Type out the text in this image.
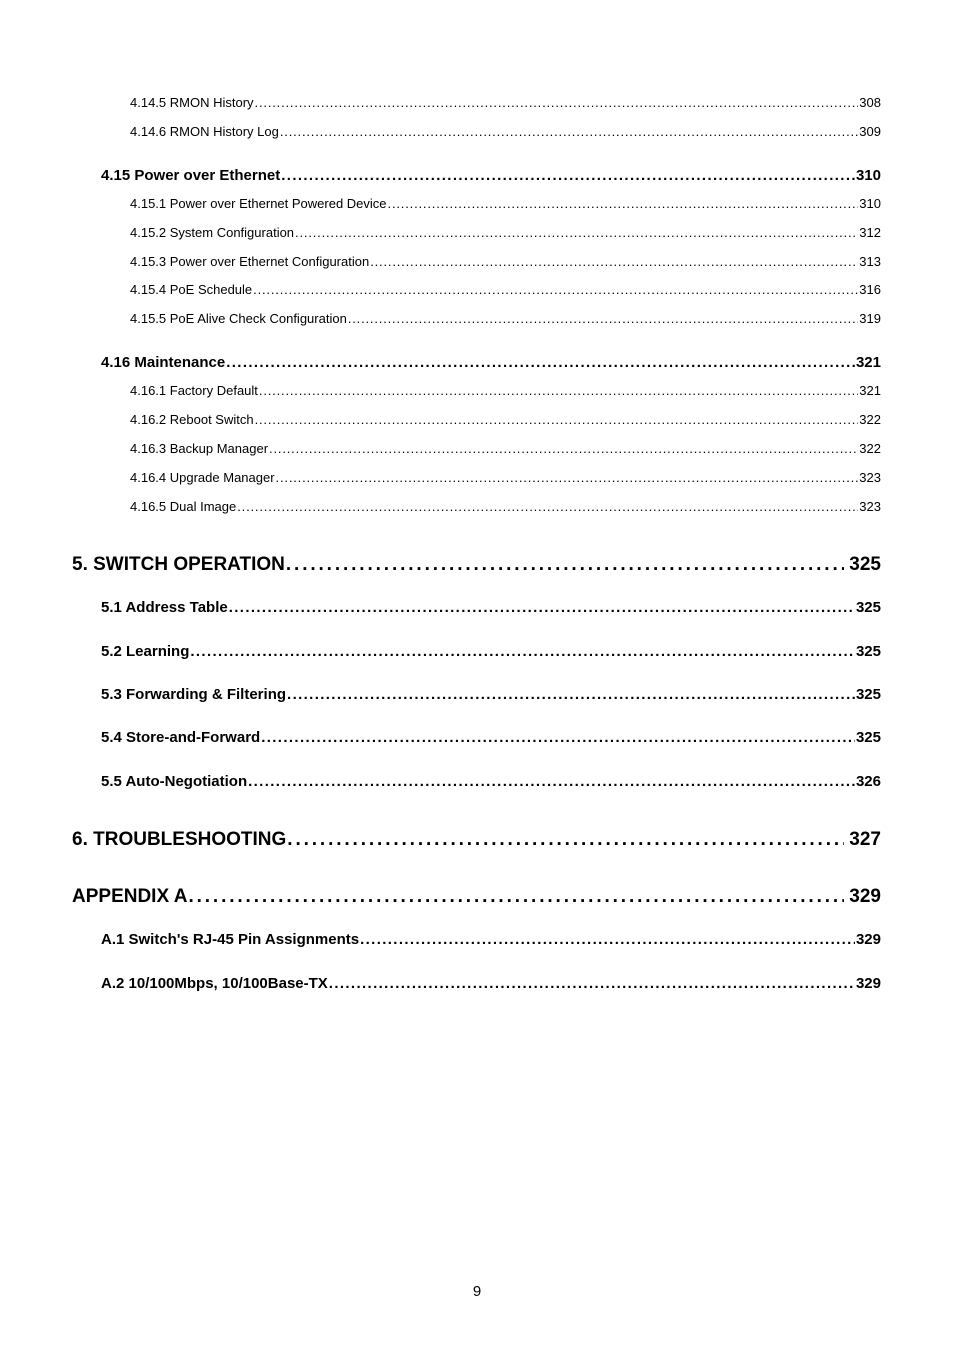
4.14.5 RMON History . . .	308
4.14.6 RMON History Log . . .	309
4.15 Power over Ethernet . . .	310
4.15.1 Power over Ethernet Powered Device . . .	310
4.15.2 System Configuration . . .	312
4.15.3 Power over Ethernet Configuration . . .	313
4.15.4 PoE Schedule . . .	316
4.15.5 PoE Alive Check Configuration . . .	319
4.16 Maintenance . . .	321
4.16.1 Factory Default . . .	321
4.16.2 Reboot Switch . . .	322
4.16.3 Backup Manager . . .	322
4.16.4 Upgrade Manager . . .	323
4.16.5 Dual Image . . .	323
5. SWITCH OPERATION . . .	325
5.1 Address Table . . .	325
5.2 Learning . . .	325
5.3 Forwarding & Filtering . . .	325
5.4 Store-and-Forward . . .	325
5.5 Auto-Negotiation . . .	326
6. TROUBLESHOOTING . . .	327
APPENDIX A . . .	329
A.1 Switch's RJ-45 Pin Assignments . . .	329
A.2 10/100Mbps, 10/100Base-TX . . .	329
9
